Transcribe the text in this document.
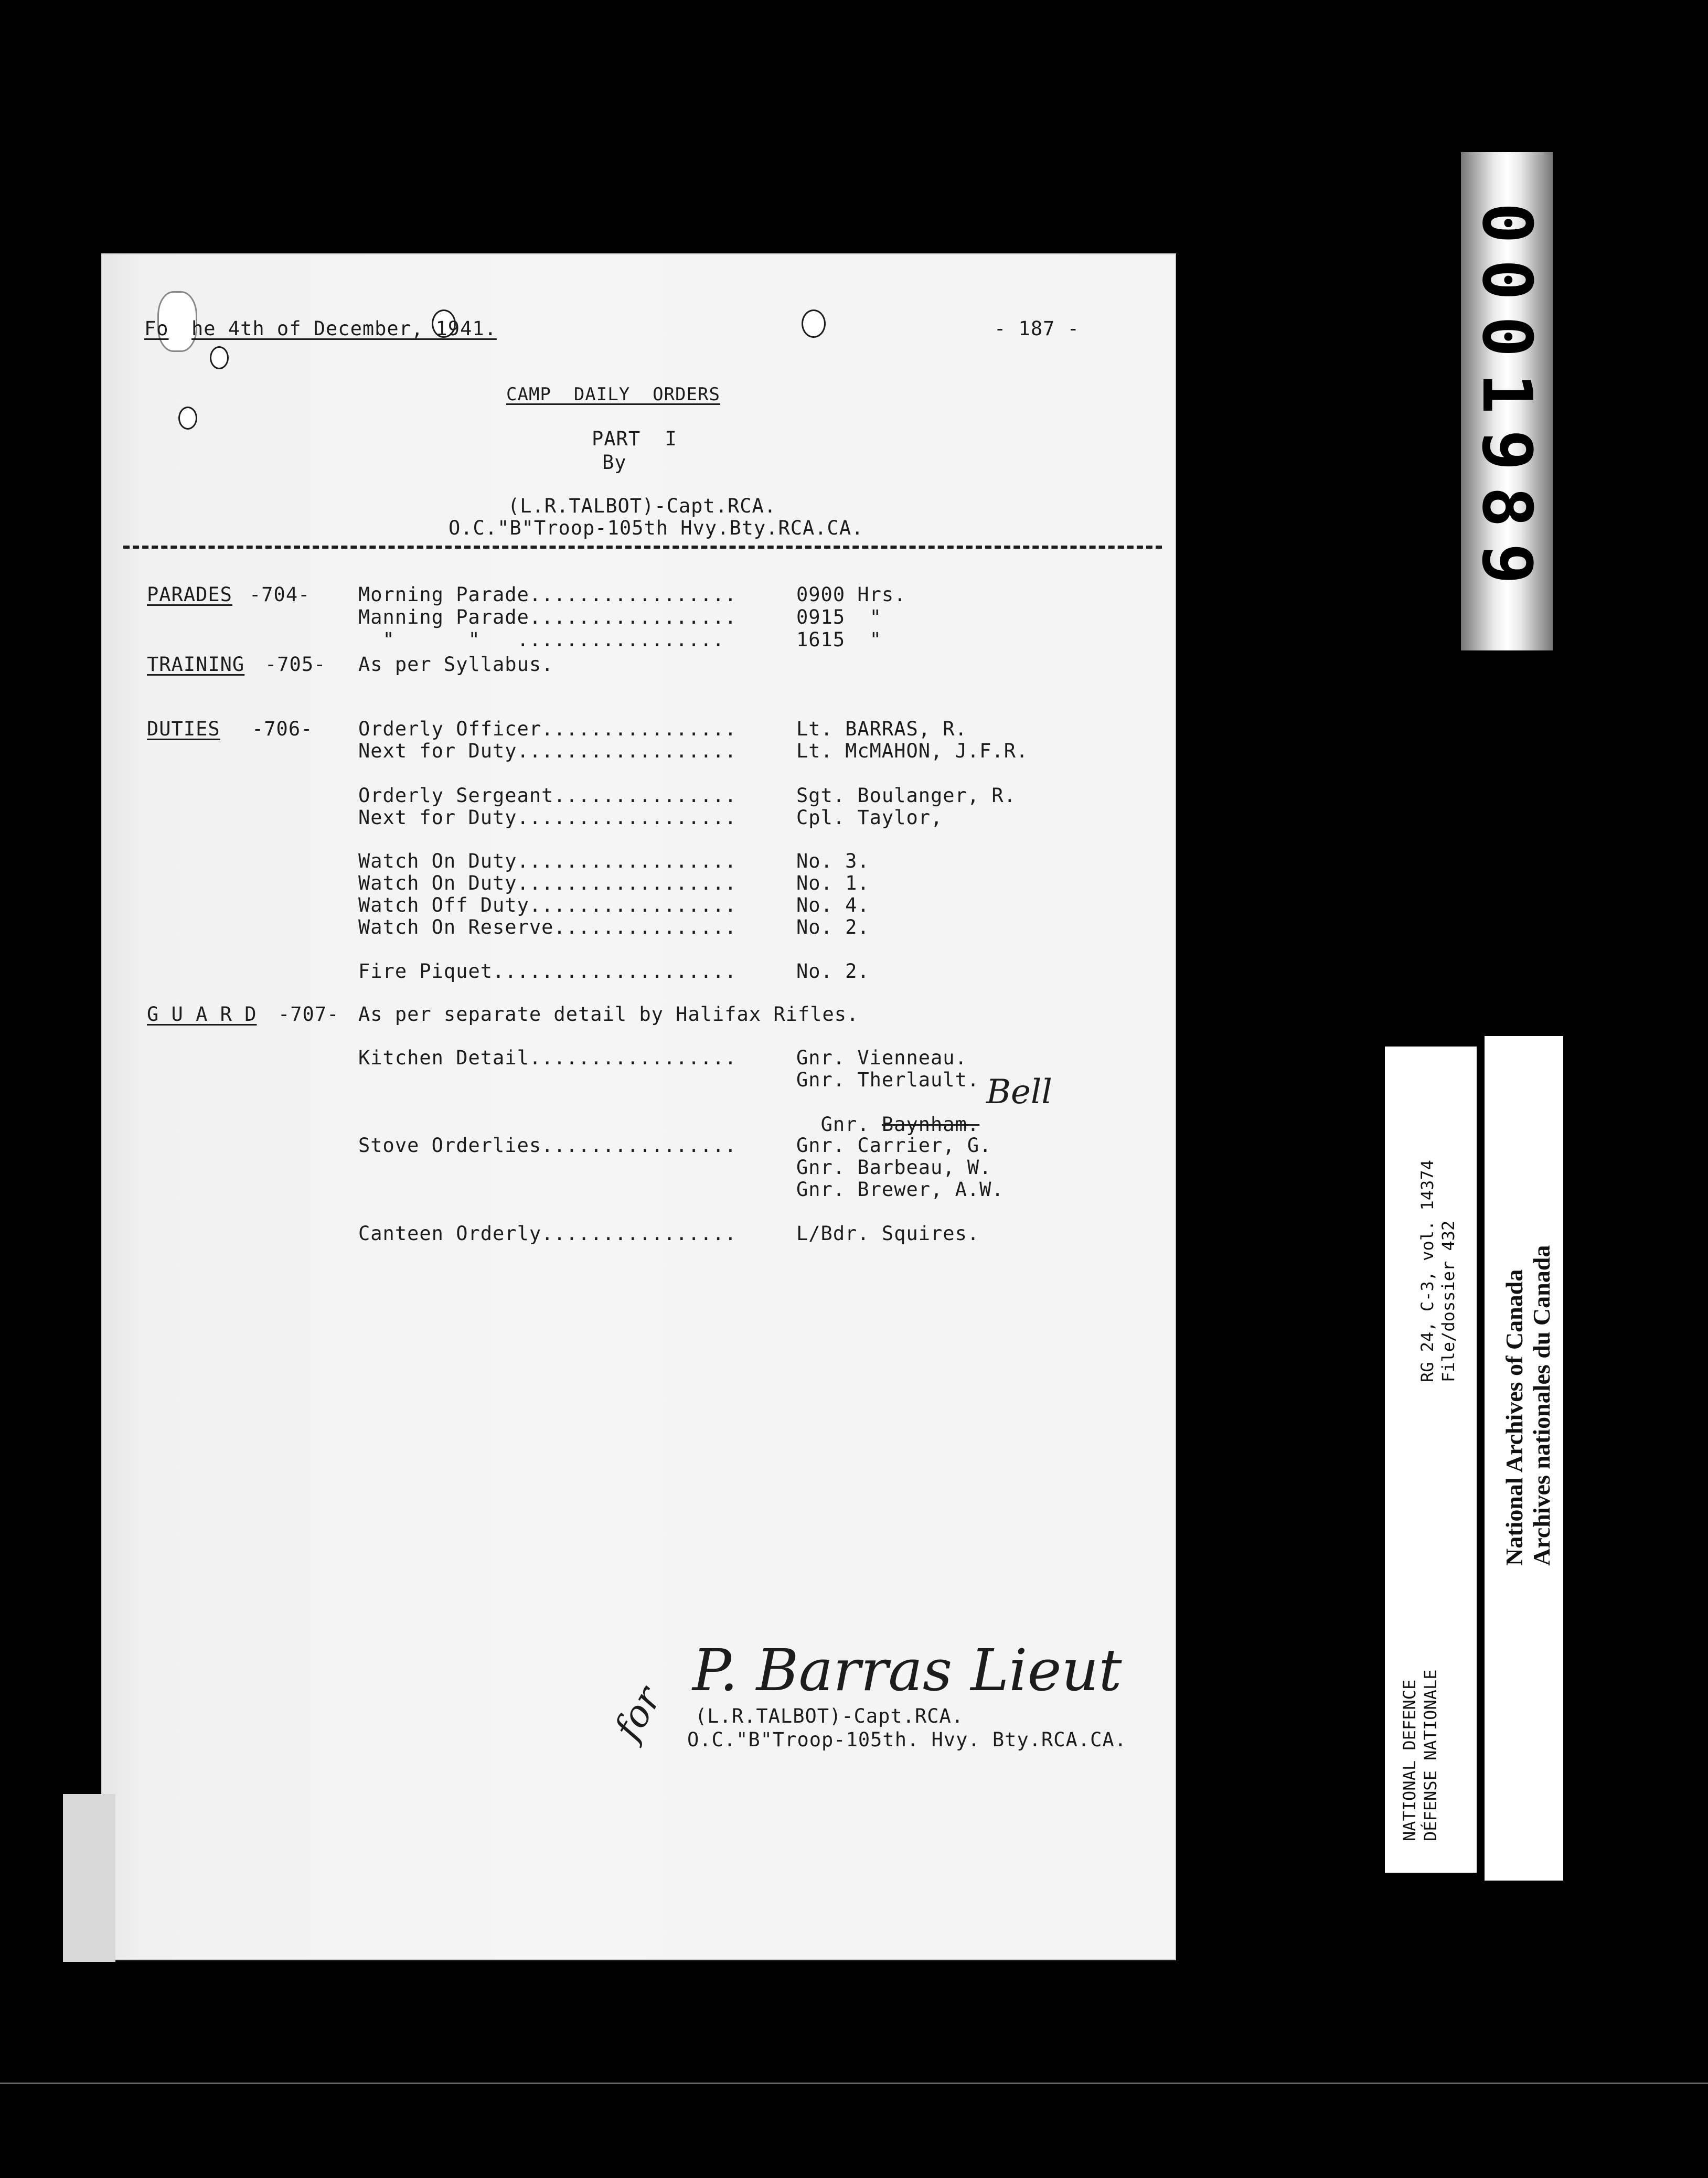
Fo he 4th of December, 1941.	- 187 -
CAMP  DAILY  ORDERS
PART  I
By
(L.R.TALBOT)-Capt.RCA.
O.C."B"Troop-105th Hvy.Bty.RCA.CA.
PARADES -704- Morning Parade.................	0900 Hrs.
Manning Parade.................	0915  "
"      "   .................	1615  "
TRAINING -705- As per Syllabus.
DUTIES -706- Orderly Officer................	Lt. BARRAS, R.
Next for Duty..................	Lt. McMAHON, J.F.R.
Orderly Sergeant...............	Sgt. Boulanger, R.
Next for Duty..................	Cpl. Taylor,
Watch On Duty..................	No. 3.
Watch On Duty..................	No. 1.
Watch Off Duty.................	No. 4.
Watch On Reserve...............	No. 2.
Fire Piquet....................	No. 2.
G U A R D -707- As per separate detail by Halifax Rifles.
Kitchen Detail.................	Gnr. Vienneau.
Gnr. Therlault.

Gnr. Baynham.

Bell
Stove Orderlies................	Gnr. Carrier, G.
Gnr. Barbeau, W.
Gnr. Brewer, A.W.
Canteen Orderly................	L/Bdr. Squires.
P. Barras Lieut
for (L.R.TALBOT)-Capt.RCA.
O.C."B"Troop-105th. Hvy. Bty.RCA.CA.
0001989
NATIONAL DEFENCE DÉFENSE NATIONALE
RG 24, C-3, vol. 14374 File/dossier 432 National Archives of Canada Archives nationales du Canada
